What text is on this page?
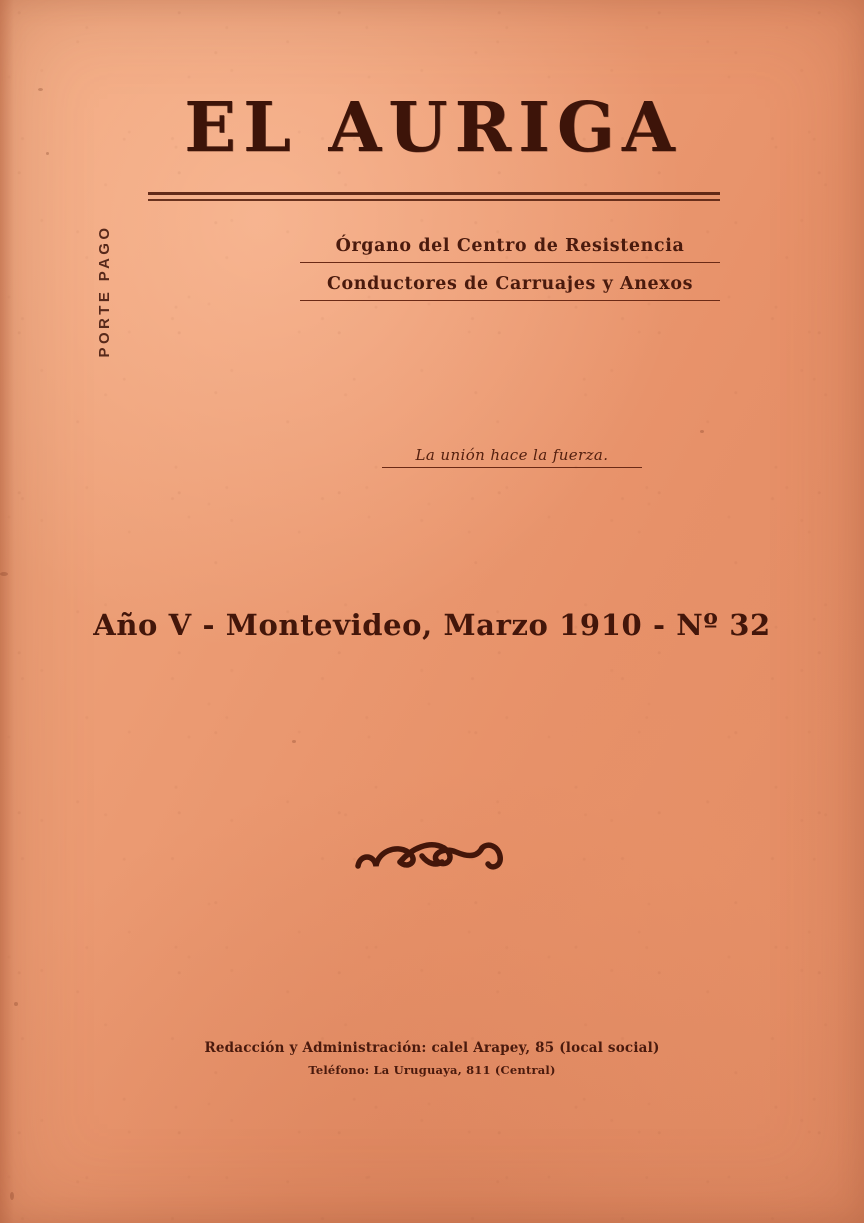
PORTE PAGO
EL AURIGA
Órgano del Centro de Resistencia
Conductores de Carruajes y Anexos
La unión hace la fuerza.
Año V - Montevideo, Marzo 1910 - Nº 32
Redacción y Administración: calel Arapey, 85 (local social)
Teléfono: La Uruguaya, 811 (Central)
